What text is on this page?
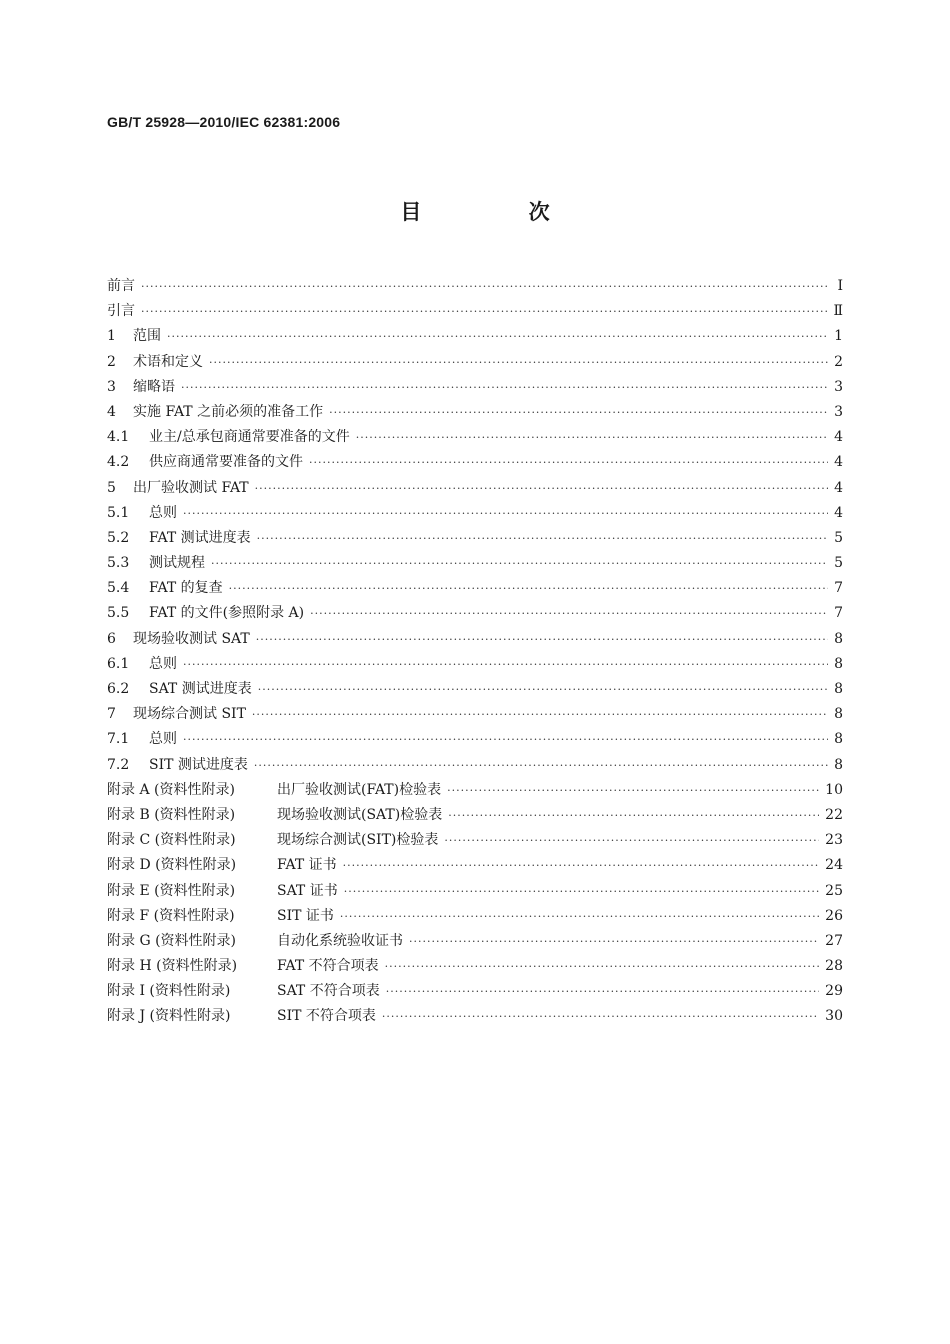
GB/T 25928—2010/IEC 62381:2006
目 次
前言 ·····	Ⅰ
引言 ·····	Ⅱ
1	范围 ·····	1
2	术语和定义 ·····	2
3	缩略语 ·····	3
4	实施 FAT 之前必须的准备工作 ·····	3
4.1	业主/总承包商通常要准备的文件 ·····	4
4.2	供应商通常要准备的文件 ·····	4
5	出厂验收测试 FAT ·····	4
5.1	总则 ·····	4
5.2	FAT 测试进度表 ·····	5
5.3	测试规程 ·····	5
5.4	FAT 的复查 ·····	7
5.5	FAT 的文件(参照附录 A) ·····	7
6	现场验收测试 SAT ·····	8
6.1	总则 ·····	8
6.2	SAT 测试进度表 ·····	8
7	现场综合测试 SIT ·····	8
7.1	总则 ·····	8
7.2	SIT 测试进度表 ·····	8
附录 A (资料性附录)	出厂验收测试(FAT)检验表 ·····	10
附录 B (资料性附录)	现场验收测试(SAT)检验表 ·····	22
附录 C (资料性附录)	现场综合测试(SIT)检验表 ·····	23
附录 D (资料性附录)	FAT 证书 ·····	24
附录 E (资料性附录)	SAT 证书 ·····	25
附录 F (资料性附录)	SIT 证书 ·····	26
附录 G (资料性附录)	自动化系统验收证书 ·····	27
附录 H (资料性附录)	FAT 不符合项表 ·····	28
附录 I (资料性附录)	SAT 不符合项表 ·····	29
附录 J (资料性附录)	SIT 不符合项表 ·····	30
